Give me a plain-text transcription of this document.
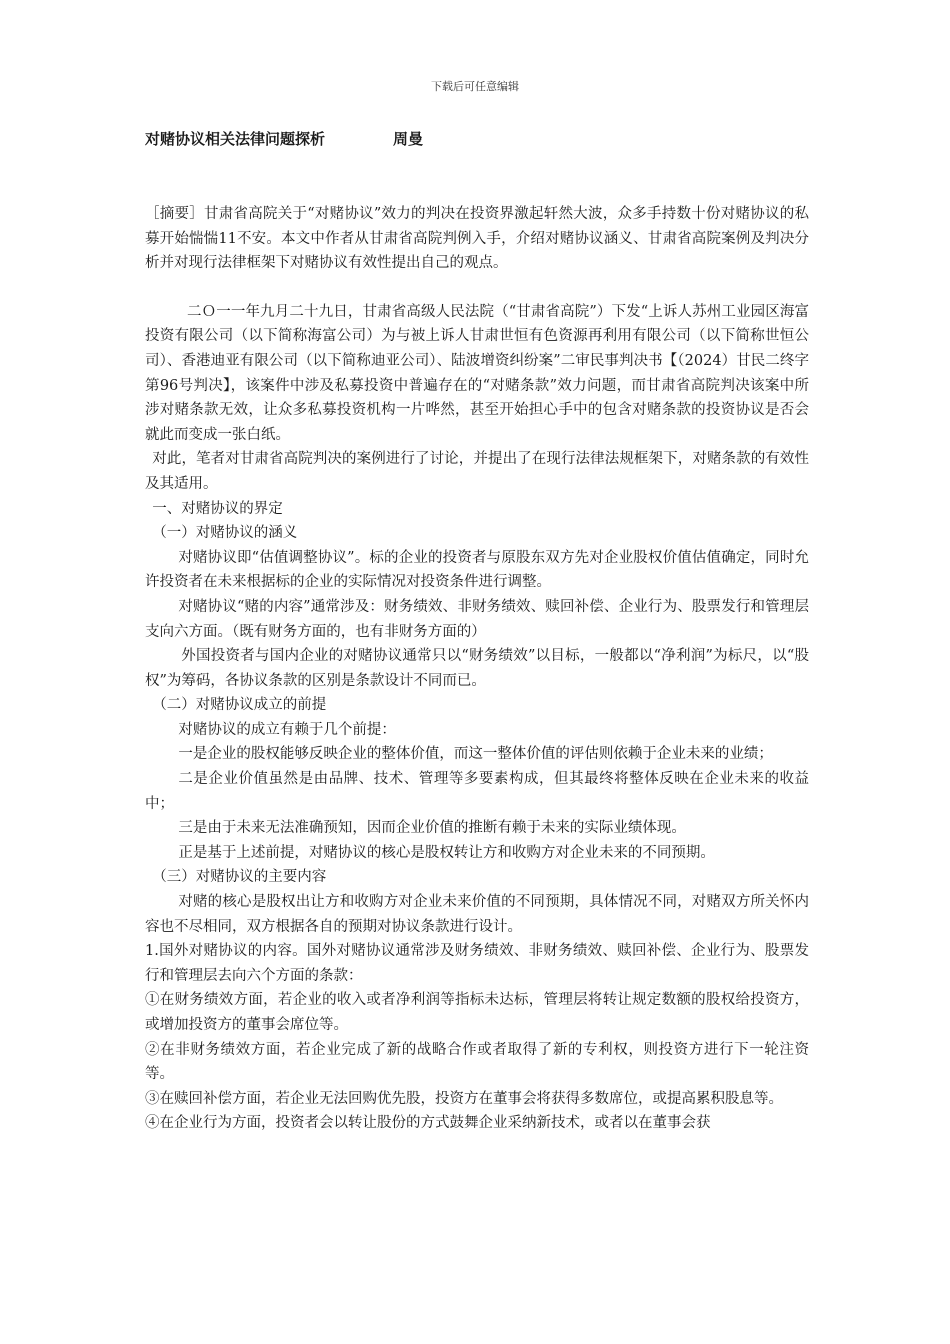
下载后可任意编辑
对赌协议相关法律问题探析	周曼

［摘要］甘肃省高院关于“对赌协议”效力的判决在投资界激起轩然大波，众多手持数十份对赌协议的私募开始惴惴11不安。本文中作者从甘肃省高院判例入手，介绍对赌协议涵义、甘肃省高院案例及判决分析并对现行法律框架下对赌协议有效性提出自己的观点。

二Ｏ一一年九月二十九日，甘肃省高级人民法院（“甘肃省高院”）下发“上诉人苏州工业园区海富投资有限公司（以下简称海富公司）为与被上诉人甘肃世恒有色资源再利用有限公司（以下简称世恒公司）、香港迪亚有限公司（以下简称迪亚公司）、陆波增资纠纷案”二审民事判决书【（2024）甘民二终字第96号判决】，该案件中涉及私募投资中普遍存在的“对赌条款”效力问题，而甘肃省高院判决该案中所涉对赌条款无效，让众多私募投资机构一片哗然，甚至开始担心手中的包含对赌条款的投资协议是否会就此而变成一张白纸。

对此，笔者对甘肃省高院判决的案例进行了讨论，并提出了在现行法律法规框架下，对赌条款的有效性及其适用。

一、对赌协议的界定

（一）对赌协议的涵义

对赌协议即“估值调整协议”。标的企业的投资者与原股东双方先对企业股权价值估值确定，同时允许投资者在未来根据标的企业的实际情况对投资条件进行调整。

对赌协议“赌的内容”通常涉及：财务绩效、非财务绩效、赎回补偿、企业行为、股票发行和管理层支向六方面。（既有财务方面的，也有非财务方面的）

外国投资者与国内企业的对赌协议通常只以“财务绩效”以目标，一般都以“净利润”为标尺，以“股权”为筹码，各协议条款的区别是条款设计不同而已。

（二）对赌协议成立的前提

对赌协议的成立有赖于几个前提：

一是企业的股权能够反映企业的整体价值，而这一整体价值的评估则依赖于企业未来的业绩；

二是企业价值虽然是由品牌、技术、管理等多要素构成，但其最终将整体反映在企业未来的收益中；

三是由于未来无法准确预知，因而企业价值的推断有赖于未来的实际业绩体现。

正是基于上述前提，对赌协议的核心是股权转让方和收购方对企业未来的不同预期。

（三）对赌协议的主要内容

对赌的核心是股权出让方和收购方对企业未来价值的不同预期，具体情况不同，对赌双方所关怀内容也不尽相同，双方根据各自的预期对协议条款进行设计。

1.国外对赌协议的内容。国外对赌协议通常涉及财务绩效、非财务绩效、赎回补偿、企业行为、股票发行和管理层去向六个方面的条款：

①在财务绩效方面，若企业的收入或者净利润等指标未达标，管理层将转让规定数额的股权给投资方，或增加投资方的董事会席位等。

②在非财务绩效方面，若企业完成了新的战略合作或者取得了新的专利权，则投资方进行下一轮注资等。

③在赎回补偿方面，若企业无法回购优先股，投资方在董事会将获得多数席位，或提高累积股息等。

④在企业行为方面，投资者会以转让股份的方式鼓舞企业采纳新技术，或者以在董事会获
